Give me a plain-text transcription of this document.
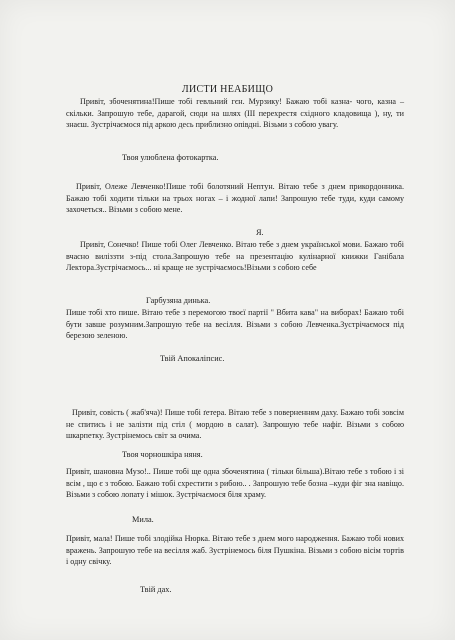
ЛИСТИ НЕАБИЩО

Привіт, збоченятина!Пише тобі гевльний гєн. Мурзику! Бажаю тобі казна- чого, казна – скільки. Запрошую тебе, дарагой, сюди на шлях (ІІІ перехрестя східного кладовища ), ну, ти знаєш. Зустрічаємося під аркою десь приблизно опівдні. Візьми з собою увагу.

Твоя улюблена фотокартка.

Привіт, Олеже Левченко!Пише тобі болотяний Нептун. Вітаю тебе з днем прикордонника. Бажаю тобі ходити тільки на трьох ногах – і жодної лапи! Запрошую тебе туди, куди самому захочеться.. Візьми з собою мене.

Я.

Привіт, Сонечко! Пише тобі Олег Левченко. Вітаю тебе з днем української мови. Бажаю тобі вчасно виліззти з-під стола.Запрошую тебе на презентацію кулінарної книжки Ганібала Лектора.Зустрічаємось... ні краще не зустрічаємось!Візьми з собою себе

Гарбузяна динька.

Пише тобі хто пише. Вітаю тебе з перемогою твоєї партії " Вбита кава" на виборах! Бажаю тобі бути завше розумним.Запрошую тебе на весілля. Візьми з собою Левченка.Зустрічаємося під березою зеленою.

Твій Апокаліпсис.

Привіт, совість ( жаб'яча)! Пише тобі ґетера. Вітаю тебе з поверненням даху. Бажаю тобі зовсім не спитись і не залізти під стіл ( мордою в салат). Запрошую тебе нафіг. Візьми з собою шкарпетку. Зустрінемось світ за очима.

Твоя чорношкіра няня.

Привіт, шановна Музо!.. Пише тобі ще одна збоченятина ( тільки більша).Вітаю тебе з тобою і зі всім , що є з тобою. Бажаю тобі схрестити з рибою.. . Запрошую тебе бозна –куди фіг зна навіщо. Візьми з собою лопату і мішок. Зустрічаємося біля храму.

Мила.

Привіт, мала! Пише тобі злодійка Нюрка. Вітаю тебе з днем мого народження. Бажаю тобі нових вражень. Запрошую тебе на весілля жаб. Зустрінемось біля Пушкіна. Візьми з собою вісім тортів і одну свічку.

Твій дах.
